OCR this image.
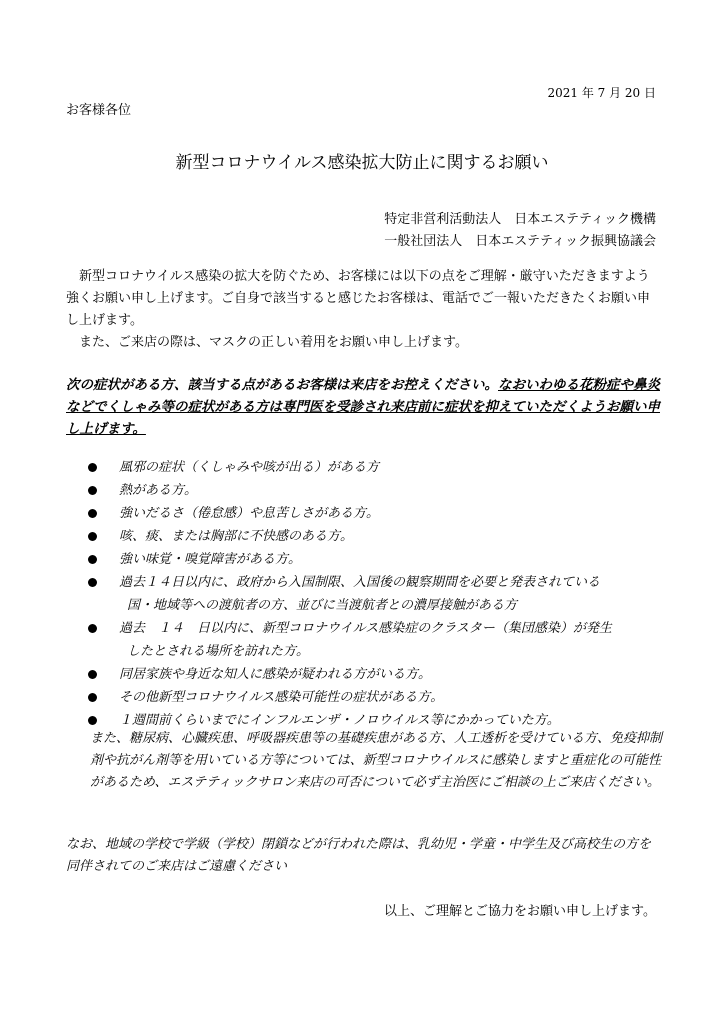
2021 年 7 月 20 日
お客様各位
新型コロナウイルス感染拡大防止に関するお願い
特定非営利活動法人　日本エステティック機構
一般社団法人　日本エステティック振興協議会
　新型コロナウイルス感染の拡大を防ぐため、お客様には以下の点をご理解・厳守いただきますよう強くお願い申し上げます。ご自身で該当すると感じたお客様は、電話でご一報いただきたくお願い申し上げます。
　また、ご来店の際は、マスクの正しい着用をお願い申し上げます。
次の症状がある方、該当する点があるお客様は来店をお控えください。なおいわゆる花粉症や鼻炎などでくしゃみ等の症状がある方は専門医を受診され来店前に症状を抑えていただくようお願い申し上げます。
風邪の症状（くしゃみや咳が出る）がある方
熱がある方。
強いだるさ（倦怠感）や息苦しさがある方。
咳、痰、または胸部に不快感のある方。
強い味覚・嗅覚障害がある方。
過去１４日以内に、政府から入国制限、入国後の観察期間を必要と発表されている
国・地域等への渡航者の方、並びに当渡航者との濃厚接触がある方
過去　１４　日以内に、新型コロナウイルス感染症のクラスター（集団感染）が発生
したとされる場所を訪れた方。
同居家族や身近な知人に感染が疑われる方がいる方。
その他新型コロナウイルス感染可能性の症状がある方。
１週間前くらいまでにインフルエンザ・ノロウイルス等にかかっていた方。
また、糖尿病、心臓疾患、呼吸器疾患等の基礎疾患がある方、人工透析を受けている方、免疫抑制剤や抗がん剤等を用いている方等については、新型コロナウイルスに感染しますと重症化の可能性があるため、エステティックサロン来店の可否について必ず主治医にご相談の上ご来店ください。
なお、地域の学校で学級（学校）閉鎖などが行われた際は、乳幼児・学童・中学生及び高校生の方を同伴されてのご来店はご遠慮ください
以上、ご理解とご協力をお願い申し上げます。
